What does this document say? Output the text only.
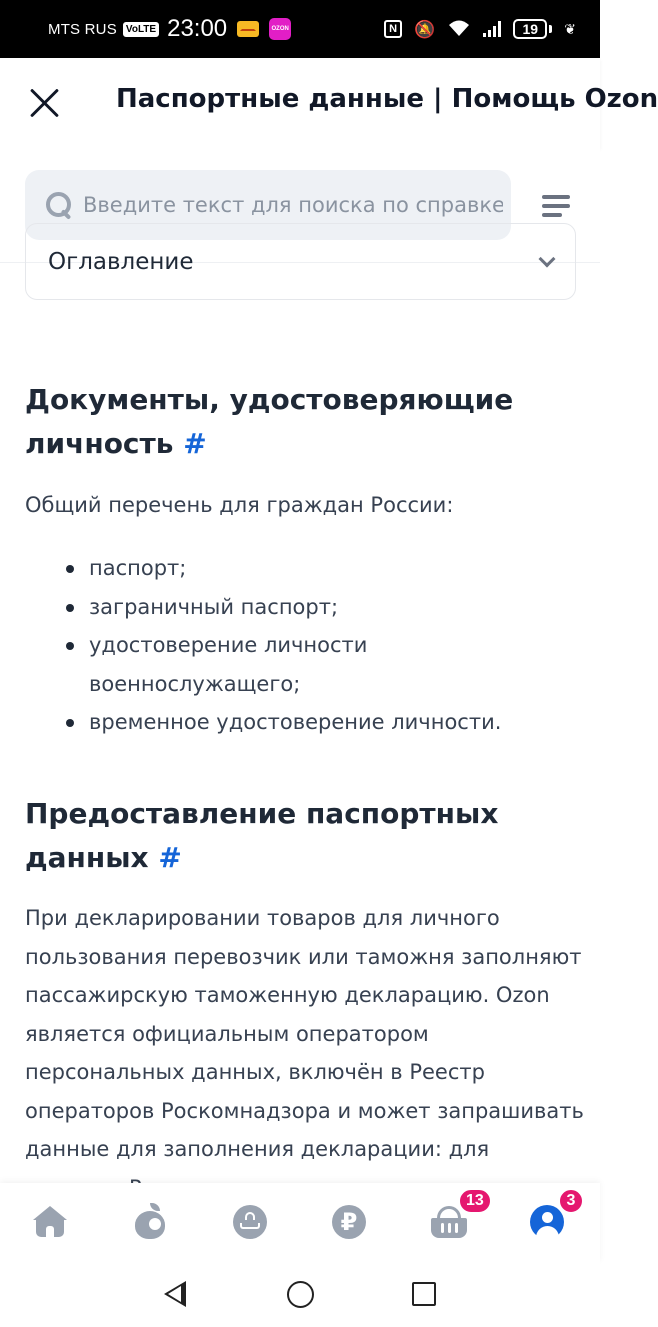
MTS RUS VoLTE 23:00	OZON	N 🔕	19	❦
Паспортные данные | Помощь Ozon
Введите текст для поиска по справке
Оглавление
Документы, удостоверяющие личность #

Общий перечень для граждан России:

паспорт;
заграничный паспорт;
удостоверение личности военнослужащего;
временное удостоверение личности.
Предоставление паспортных данных #

При декларировании товаров для личного пользования перевозчик или таможня заполняют пассажирскую таможенную декларацию. Ozon является официальным оператором персональных данных, включён в Реестр операторов Роскомнадзора и может запрашивать данные для заполнения декларации: для

₽
13	3
